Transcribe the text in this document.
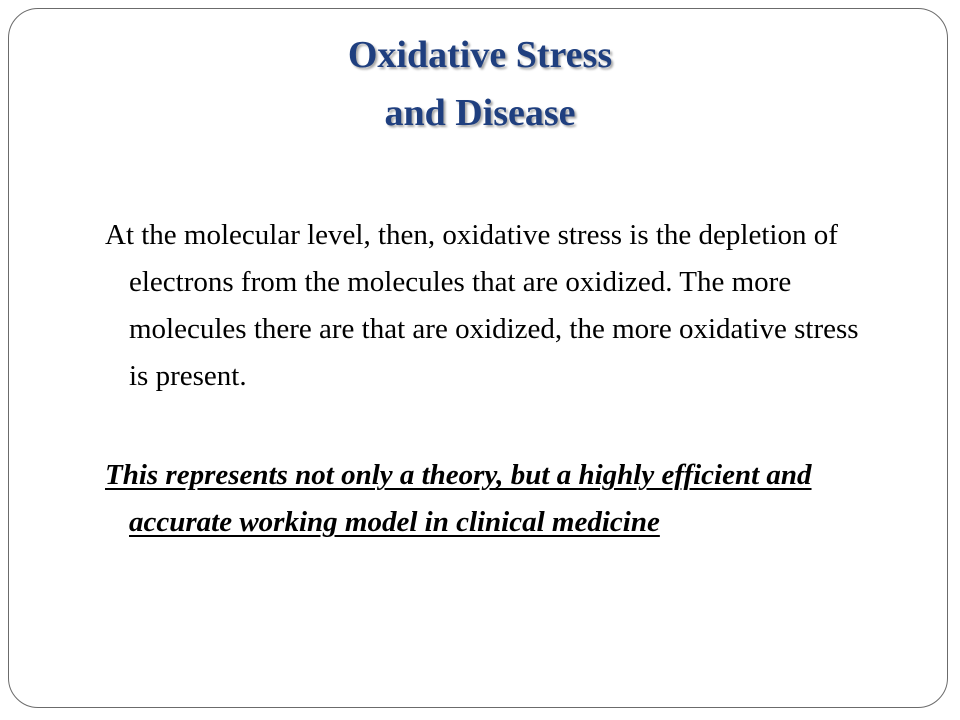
Oxidative Stress
and Disease

At the molecular level, then, oxidative stress is the depletion of electrons from the molecules that are oxidized. The more molecules there are that are oxidized, the more oxidative stress is present.

This represents not only a theory, but a highly efficient and accurate working model in clinical medicine
